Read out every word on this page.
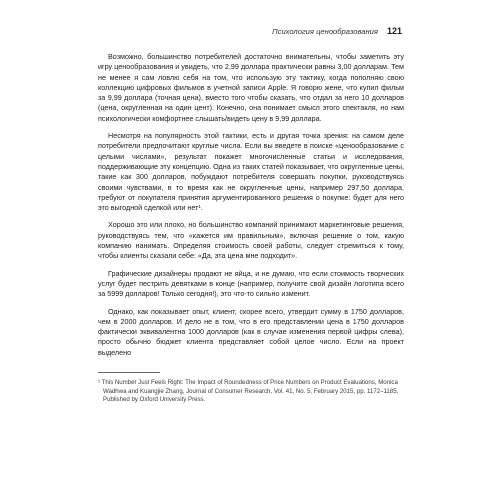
Психология ценообразования 121

Возможно, большинство потребителей достаточно внимательны, чтобы заметить эту игру ценообразования и увидеть, что 2,99 доллара практически равны 3,00 долларам. Тем не менее я сам ловлю себя на том, что использую эту тактику, когда пополняю свою коллекцию цифровых фильмов в учетной записи Apple. Я говорю жене, что купил фильм за 9,99 доллара (точная цена), вместо того чтобы сказать, что отдал за него 10 долларов (цена, округленная на один цент). Конечно, она понимает смысл этого спектакля, но нам психологически комфортнее слышать/видеть цену в 9,99 доллара.

Несмотря на популярность этой тактики, есть и другая точка зрения: на самом деле потребители предпочитают круглые числа. Если вы введете в поиске «ценообразование с целыми числами», результат покажет многочисленные статьи и исследования, поддерживающие эту концепцию. Одна из таких статей показывает, что округленные цены, такие как 300 долларов, побуждают потребителя совершать покупки, руководствуясь своими чувствами, в то время как не округленные цены, например 297,50 доллара, требуют от покупателя принятия аргументированного решения о покупке: будет для него это выгодной сделкой или нет¹.

Хорошо это или плохо, но большинство компаний принимают маркетинговые решения, руководствуясь тем, что «кажется им правильным», включая решение о том, какую компанию нанимать. Определяя стоимость своей работы, следует стремиться к тому, чтобы клиенты сказали себе: «Да, эта цена мне подходит».

Графические дизайнеры продают не яйца, и не думаю, что если стоимость творческих услуг будет пестрить девятками в конце (например, получите свой дизайн логотипа всего за 5999 долларов! Только сегодня!), это что-то сильно изменит.

Однако, как показывает опыт, клиент, скорее всего, утвердит сумму в 1750 долларов, чем в 2000 долларов. И дело не в том, что в его представлении цена в 1750 долларов фактически эквивалентна 1000 долларов (как в случае изменения первой цифры слева), просто обычно бюджет клиента представляет собой целое число. Если на проект выделено

¹ This Number Just Feels Right: The Impact of Roundedness of Price Numbers on Product Evaluations, Monica Wadhwa and Kuangjie Zhang, Journal of Consumer Research, Vol. 41, No. 5, February 2015, pp. 1172–1185, Published by Oxford University Press.
